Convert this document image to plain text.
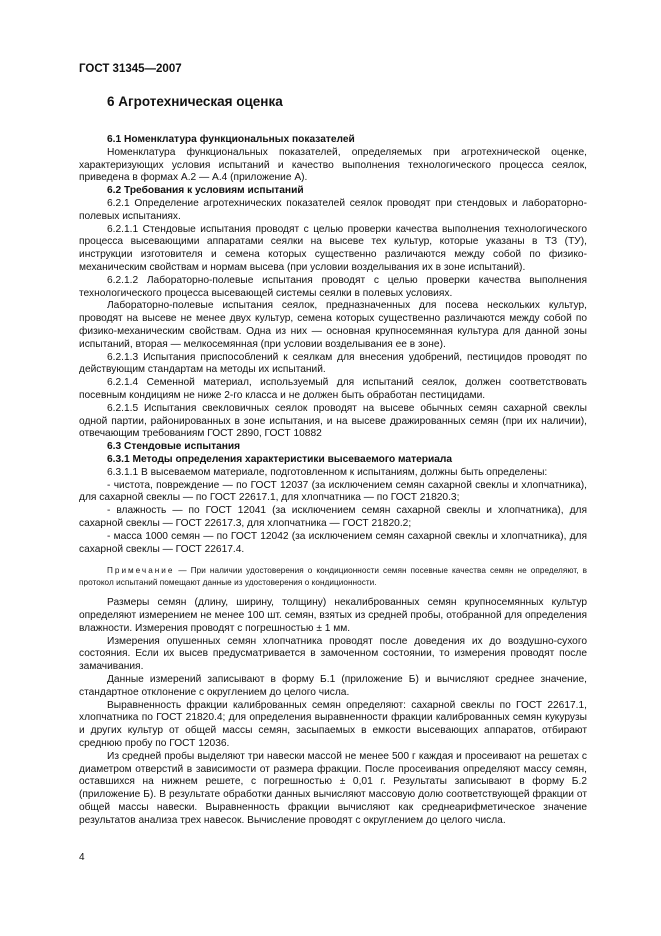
ГОСТ 31345—2007
6 Агротехническая оценка

6.1 Номенклатура функциональных показателей

Номенклатура функциональных показателей, определяемых при агротехнической оценке, характеризующих условия испытаний и качество выполнения технологического процесса сеялок, приведена в формах А.2 — А.4 (приложение А).

6.2 Требования к условиям испытаний

6.2.1 Определение агротехнических показателей сеялок проводят при стендовых и лабораторно-полевых испытаниях.

6.2.1.1 Стендовые испытания проводят с целью проверки качества выполнения технологического процесса высевающими аппаратами сеялки на высеве тех культур, которые указаны в ТЗ (ТУ), инструкции изготовителя и семена которых существенно различаются между собой по физико-механическим свойствам и нормам высева (при условии возделывания их в зоне испытаний).

6.2.1.2 Лабораторно-полевые испытания проводят с целью проверки качества выполнения технологического процесса высевающей системы сеялки в полевых условиях.

Лабораторно-полевые испытания сеялок, предназначенных для посева нескольких культур, проводят на высеве не менее двух культур, семена которых существенно различаются между собой по физико-механическим свойствам. Одна из них — основная крупносемянная культура для данной зоны испытаний, вторая — мелкосемянная (при условии возделывания ее в зоне).

6.2.1.3 Испытания приспособлений к сеялкам для внесения удобрений, пестицидов проводят по действующим стандартам на методы их испытаний.

6.2.1.4 Семенной материал, используемый для испытаний сеялок, должен соответствовать посевным кондициям не ниже 2-го класса и не должен быть обработан пестицидами.

6.2.1.5 Испытания свекловичных сеялок проводят на высеве обычных семян сахарной свеклы одной партии, районированных в зоне испытания, и на высеве дражированных семян (при их наличии), отвечающим требованиям ГОСТ 2890, ГОСТ 10882

6.3 Стендовые испытания

6.3.1 Методы определения характеристики высеваемого материала

6.3.1.1 В высеваемом материале, подготовленном к испытаниям, должны быть определены:

- чистота, повреждение — по ГОСТ 12037 (за исключением семян сахарной свеклы и хлопчатника), для сахарной свеклы — по ГОСТ 22617.1, для хлопчатника — по ГОСТ 21820.3;

- влажность — по ГОСТ 12041 (за исключением семян сахарной свеклы и хлопчатника), для сахарной свеклы — ГОСТ 22617.3, для хлопчатника — ГОСТ 21820.2;

- масса 1000 семян — по ГОСТ 12042 (за исключением семян сахарной свеклы и хлопчатника), для сахарной свеклы — ГОСТ 22617.4.

Примечание — При наличии удостоверения о кондиционности семян посевные качества семян не определяют, в протокол испытаний помещают данные из удостоверения о кондиционности.

Размеры семян (длину, ширину, толщину) некалиброванных семян крупносемянных культур определяют измерением не менее 100 шт. семян, взятых из средней пробы, отобранной для определения влажности. Измерения проводят с погрешностью ± 1 мм.

Измерения опушенных семян хлопчатника проводят после доведения их до воздушно-сухого состояния. Если их высев предусматривается в замоченном состоянии, то измерения проводят после замачивания.

Данные измерений записывают в форму Б.1 (приложение Б) и вычисляют среднее значение, стандартное отклонение с округлением до целого числа.

Выравненность фракции калиброванных семян определяют: сахарной свеклы по ГОСТ 22617.1, хлопчатника по ГОСТ 21820.4; для определения выравненности фракции калиброванных семян кукурузы и других культур от общей массы семян, засыпаемых в емкости высевающих аппаратов, отбирают среднюю пробу по ГОСТ 12036.

Из средней пробы выделяют три навески массой не менее 500 г каждая и просеивают на решетах с диаметром отверстий в зависимости от размера фракции. После просеивания определяют массу семян, оставшихся на нижнем решете, с погрешностью ± 0,01 г. Результаты записывают в форму Б.2 (приложение Б). В результате обработки данных вычисляют массовую долю соответствующей фракции от общей массы навески. Выравненность фракции вычисляют как среднеарифметическое значение результатов анализа трех навесок. Вычисление проводят с округлением до целого числа.

4
